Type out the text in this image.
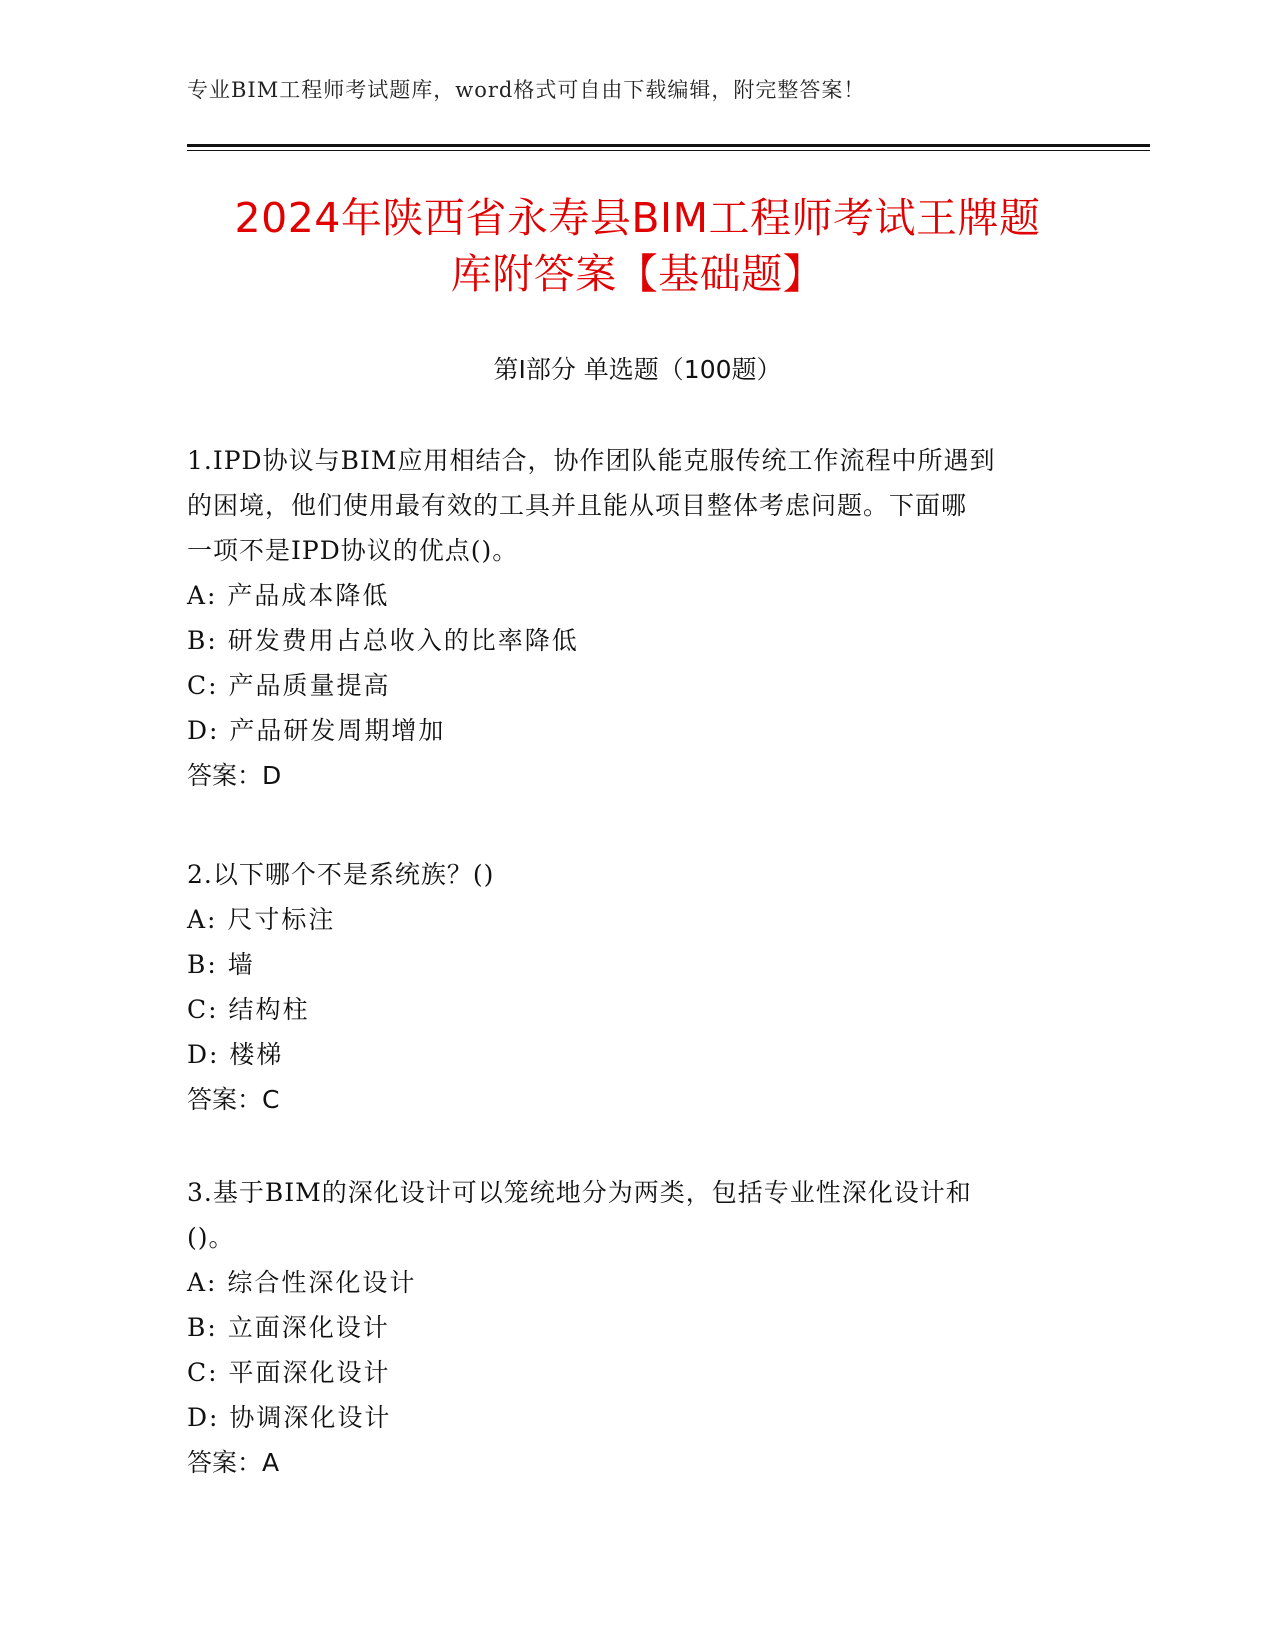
专业BIM工程师考试题库，word格式可自由下载编辑，附完整答案！
2024年陕西省永寿县BIM工程师考试王牌题
库附答案【基础题】
第Ⅰ部分 单选题（100题）
1.IPD协议与BIM应用相结合，协作团队能克服传统工作流程中所遇到
的困境，他们使用最有效的工具并且能从项目整体考虑问题。下面哪
一项不是IPD协议的优点()。
A: 产品成本降低
B: 研发费用占总收入的比率降低
C: 产品质量提高
D: 产品研发周期增加
答案：D
2.以下哪个不是系统族？()
A: 尺寸标注
B: 墙
C: 结构柱
D: 楼梯
答案：C
3.基于BIM的深化设计可以笼统地分为两类，包括专业性深化设计和
()。
A: 综合性深化设计
B: 立面深化设计
C: 平面深化设计
D: 协调深化设计
答案：A
